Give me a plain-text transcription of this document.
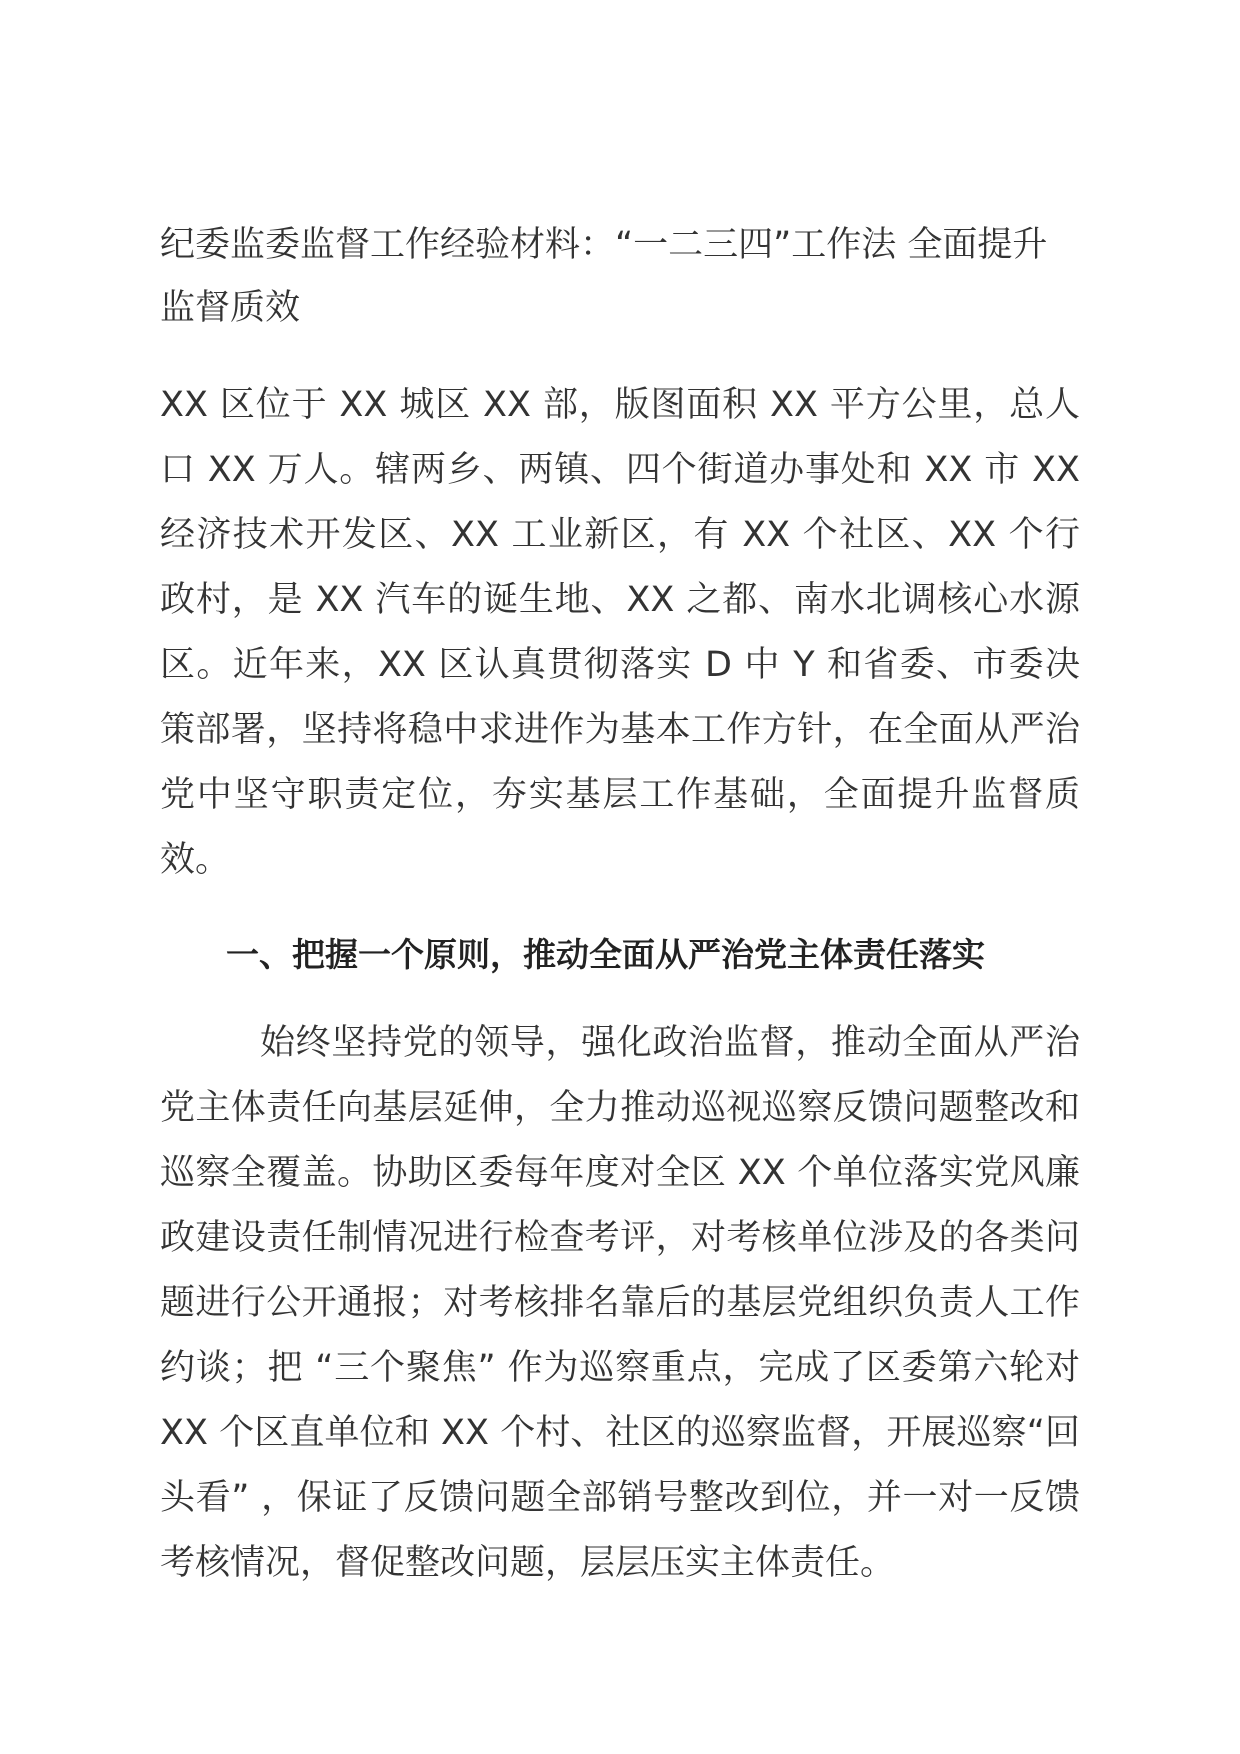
纪委监委监督工作经验材料：“一二三四”工作法 全面提升监督质效

XX 区位于 XX 城区 XX 部，版图面积 XX 平方公里，总人口 XX 万人。辖两乡、两镇、四个街道办事处和 XX 市 XX 经济技术开发区、XX 工业新区，有 XX 个社区、XX 个行政村，是 XX 汽车的诞生地、XX 之都、南水北调核心水源区。近年来，XX 区认真贯彻落实 D 中 Y 和省委、市委决策部署，坚持将稳中求进作为基本工作方针，在全面从严治党中坚守职责定位，夯实基层工作基础，全面提升监督质效。

一、把握一个原则，推动全面从严治党主体责任落实

始终坚持党的领导，强化政治监督，推动全面从严治党主体责任向基层延伸，全力推动巡视巡察反馈问题整改和巡察全覆盖。协助区委每年度对全区 XX 个单位落实党风廉政建设责任制情况进行检查考评，对考核单位涉及的各类问题进行公开通报；对考核排名靠后的基层党组织负责人工作约谈；把 “三个聚焦” 作为巡察重点，完成了区委第六轮对 XX 个区直单位和 XX 个村、社区的巡察监督，开展巡察“回头看” ，保证了反馈问题全部销号整改到位，并一对一反馈考核情况，督促整改问题，层层压实主体责任。
